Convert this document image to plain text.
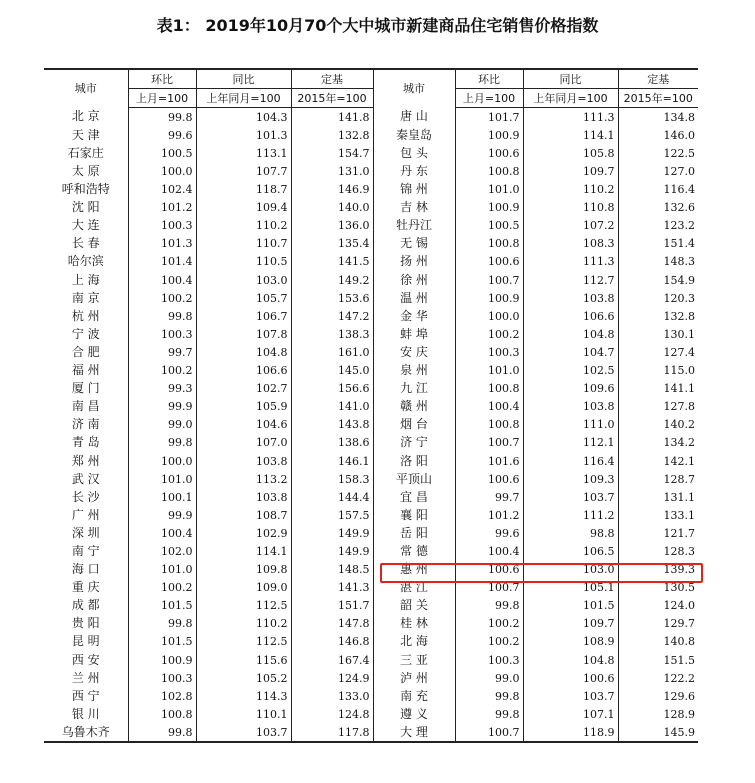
表1： 2019年10月70个大中城市新建商品住宅销售价格指数
城市	环比	同比	定基	城市	环比	同比	定基
	上月=100	上年同月=100	2015年=100		上月=100	上年同月=100	2015年=100
北 京	99.8	104.3	141.8	唐 山	101.7	111.3	134.8
天 津	99.6	101.3	132.8	秦皇岛	100.9	114.1	146.0
石家庄	100.5	113.1	154.7	包 头	100.6	105.8	122.5
太 原	100.0	107.7	131.0	丹 东	100.8	109.7	127.0
呼和浩特	102.4	118.7	146.9	锦 州	101.0	110.2	116.4
沈 阳	101.2	109.4	140.0	吉 林	100.9	110.8	132.6
大 连	100.3	110.2	136.0	牡丹江	100.5	107.2	123.2
长 春	101.3	110.7	135.4	无 锡	100.8	108.3	151.4
哈尔滨	101.4	110.5	141.5	扬 州	100.6	111.3	148.3
上 海	100.4	103.0	149.2	徐 州	100.7	112.7	154.9
南 京	100.2	105.7	153.6	温 州	100.9	103.8	120.3
杭 州	99.8	106.7	147.2	金 华	100.0	106.6	132.8
宁 波	100.3	107.8	138.3	蚌 埠	100.2	104.8	130.1
合 肥	99.7	104.8	161.0	安 庆	100.3	104.7	127.4
福 州	100.2	106.6	145.0	泉 州	101.0	102.5	115.0
厦 门	99.3	102.7	156.6	九 江	100.8	109.6	141.1
南 昌	99.9	105.9	141.0	赣 州	100.4	103.8	127.8
济 南	99.0	104.6	143.8	烟 台	100.8	111.0	140.2
青 岛	99.8	107.0	138.6	济 宁	100.7	112.1	134.2
郑 州	100.0	103.8	146.1	洛 阳	101.6	116.4	142.1
武 汉	101.0	113.2	158.3	平顶山	100.6	109.3	128.7
长 沙	100.1	103.8	144.4	宜 昌	99.7	103.7	131.1
广 州	99.9	108.7	157.5	襄 阳	101.2	111.2	133.1
深 圳	100.4	102.9	149.9	岳 阳	99.6	98.8	121.7
南 宁	102.0	114.1	149.9	常 德	100.4	106.5	128.3
海 口	101.0	109.8	148.5	惠 州	100.6	103.0	139.3
重 庆	100.2	109.0	141.3	湛 江	100.7	105.1	130.5
成 都	101.5	112.5	151.7	韶 关	99.8	101.5	124.0
贵 阳	99.8	110.2	147.8	桂 林	100.2	109.7	129.7
昆 明	101.5	112.5	146.8	北 海	100.2	108.9	140.8
西 安	100.9	115.6	167.4	三 亚	100.3	104.8	151.5
兰 州	100.3	105.2	124.9	泸 州	99.0	100.6	122.2
西 宁	102.8	114.3	133.0	南 充	99.8	103.7	129.6
银 川	100.8	110.1	124.8	遵 义	99.8	107.1	128.9
乌鲁木齐	99.8	103.7	117.8	大 理	100.7	118.9	145.9
